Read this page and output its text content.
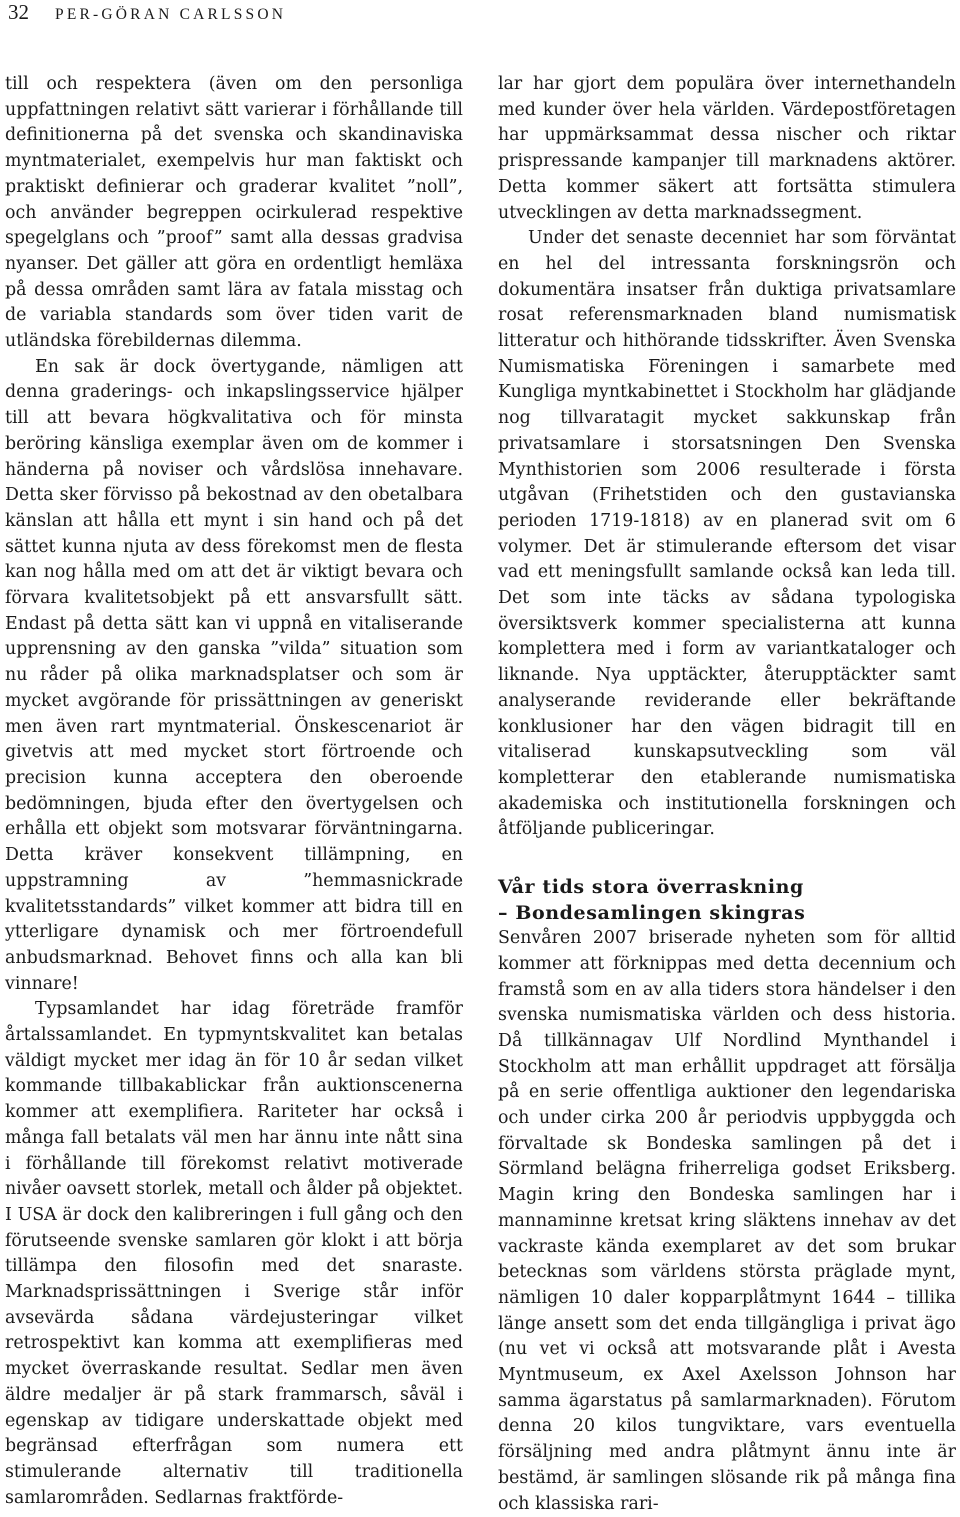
32 PER-GÖRAN CARLSSON

till och respektera (även om den personliga uppfattningen relativt sätt varierar i förhållande till definitionerna på det svenska och skandinaviska myntmaterialet, exempelvis hur man faktiskt och praktiskt definierar och graderar kvalitet ”noll”, och använder begreppen ocirkulerad respektive spegelglans och ”proof” samt alla dessas gradvisa nyanser. Det gäller att göra en ordentligt hemläxa på dessa områden samt lära av fatala misstag och de variabla standards som över tiden varit de utländska förebildernas dilemma.

En sak är dock övertygande, nämligen att denna graderings- och inkapslingsservice hjälper till att bevara högkvalitativa och för minsta beröring känsliga exemplar även om de kommer i händerna på noviser och vårdslösa innehavare. Detta sker förvisso på bekostnad av den obetalbara känslan att hålla ett mynt i sin hand och på det sättet kunna njuta av dess förekomst men de flesta kan nog hålla med om att det är viktigt bevara och förvara kvalitetsobjekt på ett ansvarsfullt sätt. Endast på detta sätt kan vi uppnå en vitaliserande upprensning av den ganska ”vilda” situation som nu råder på olika marknadsplatser och som är mycket avgörande för prissättningen av generiskt men även rart myntmaterial. Önskescenariot är givetvis att med mycket stort förtroende och precision kunna acceptera den oberoende bedömningen, bjuda efter den övertygelsen och erhålla ett objekt som motsvarar förväntningarna. Detta kräver konsekvent tillämpning, en uppstramning av ”hemmasnickrade kvalitetsstandards” vilket kommer att bidra till en ytterligare dynamisk och mer förtroendefull anbudsmarknad. Behovet finns och alla kan bli vinnare!

Typsamlandet har idag företräde framför årtalssamlandet. En typmyntskvalitet kan betalas väldigt mycket mer idag än för 10 år sedan vilket kommande tillbakablickar från auktionscenerna kommer att exemplifiera. Rariteter har också i många fall betalats väl men har ännu inte nått sina i förhållande till förekomst relativt motiverade nivåer oavsett storlek, metall och ålder på objektet. I USA är dock den kalibreringen i full gång och den förutseende svenske samlaren gör klokt i att börja tillämpa den filosofin med det snaraste. Marknadsprissättningen i Sverige står inför avsevärda sådana värdejusteringar vilket retrospektivt kan komma att exemplifieras med mycket överraskande resultat. Sedlar men även äldre medaljer är på stark frammarsch, såväl i egenskap av tidigare underskattade objekt med begränsad efterfrågan som numera ett stimulerande alternativ till traditionella samlarområden. Sedlarnas fraktförde-

lar har gjort dem populära över internethandeln med kunder över hela världen. Värdepostföretagen har uppmärksammat dessa nischer och riktar prispressande kampanjer till marknadens aktörer. Detta kommer säkert att fortsätta stimulera utvecklingen av detta marknadssegment.

Under det senaste decenniet har som förväntat en hel del intressanta forskningsrön och dokumentära insatser från duktiga privatsamlare rosat referensmarknaden bland numismatisk litteratur och hithörande tidsskrifter. Även Svenska Numismatiska Föreningen i samarbete med Kungliga myntkabinettet i Stockholm har glädjande nog tillvaratagit mycket sakkunskap från privatsamlare i storsatsningen Den Svenska Mynthistorien som 2006 resulterade i första utgåvan (Frihetstiden och den gustavianska perioden 1719-1818) av en planerad svit om 6 volymer. Det är stimulerande eftersom det visar vad ett meningsfullt samlande också kan leda till. Det som inte täcks av sådana typologiska översiktsverk kommer specialisterna att kunna komplettera med i form av variantkataloger och liknande. Nya upptäckter, återupptäckter samt analyserande reviderande eller bekräftande konklusioner har den vägen bidragit till en vitaliserad kunskapsutveckling som väl kompletterar den etablerande numismatiska akademiska och institutionella forskningen och åtföljande publiceringar.

Vår tids stora överraskning
– Bondesamlingen skingras

Senvåren 2007 briserade nyheten som för alltid kommer att förknippas med detta decennium och framstå som en av alla tiders stora händelser i den svenska numismatiska världen och dess historia. Då tillkännagav Ulf Nordlind Mynthandel i Stockholm att man erhållit uppdraget att försälja på en serie offentliga auktioner den legendariska och under cirka 200 år periodvis uppbyggda och förvaltade sk Bondeska samlingen på det i Sörmland belägna friherreliga godset Eriksberg. Magin kring den Bondeska samlingen har i mannaminne kretsat kring släktens innehav av det vackraste kända exemplaret av det som brukar betecknas som världens största präglade mynt, nämligen 10 daler kopparplåtmynt 1644 – tillika länge ansett som det enda tillgängliga i privat ägo (nu vet vi också att motsvarande plåt i Avesta Myntmuseum, ex Axel Axelsson Johnson har samma ägarstatus på samlarmarknaden). Förutom denna 20 kilos tungviktare, vars eventuella försäljning med andra plåtmynt ännu inte är bestämd, är samlingen slösande rik på många fina och klassiska rari-
